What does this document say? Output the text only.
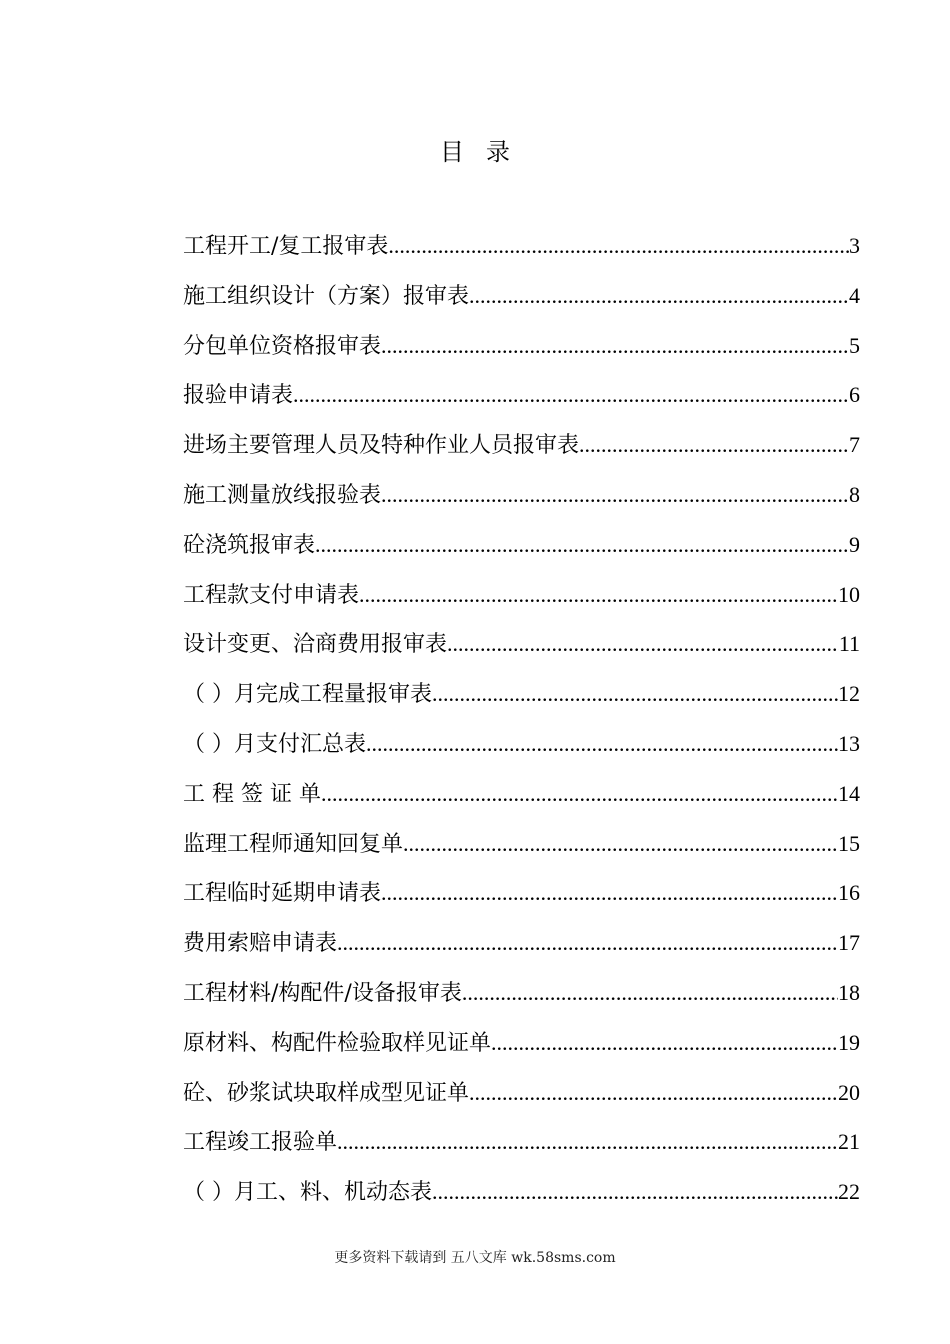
目 录
工程开工/复工报审表 .....	3
施工组织设计（方案）报审表 .....	4
分包单位资格报审表 .....	5
报验申请表 .....	6
进场主要管理人员及特种作业人员报审表 .....	7
施工测量放线报验表 .....	8
砼浇筑报审表 .....	9
工程款支付申请表 .....	10
设计变更、洽商费用报审表 .....	11
（ ）月完成工程量报审表 .....	12
（ ）月支付汇总表 .....	13
工 程 签 证 单 .....	14
监理工程师通知回复单 .....	15
工程临时延期申请表 .....	16
费用索赔申请表 .....	17
工程材料/构配件/设备报审表 .....	18
原材料、构配件检验取样见证单 .....	19
砼、砂浆试块取样成型见证单 .....	20
工程竣工报验单 .....	21
（ ）月工、料、机动态表 .....	22
更多资料下载请到 五八文库 wk.58sms.com
